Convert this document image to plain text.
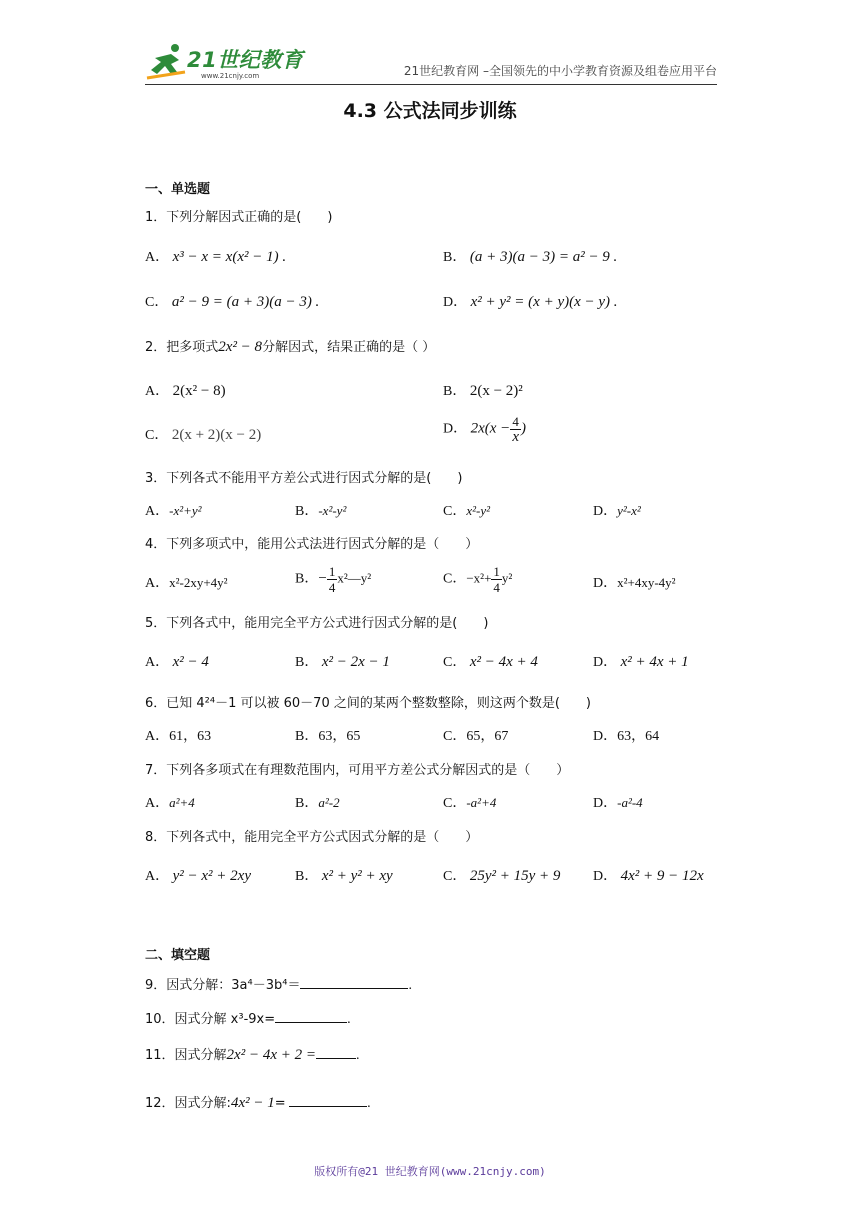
21世纪教育
www.21cnjy.com	21世纪教育网 –全国领先的中小学教育资源及组卷应用平台
4.3 公式法同步训练
一、单选题
1．下列分解因式正确的是(　　)
A． x³ − x = x(x² − 1) .	B． (a + 3)(a − 3) = a² − 9 .
C． a² − 9 = (a + 3)(a − 3) .	D． x² + y² = (x + y)(x − y) .
2．把多项式2x² − 8分解因式，结果正确的是（ ）
A． 2(x² − 8)	B． 2(x − 2)²
C． 2(x + 2)(x − 2)	D． $2x(x - \frac{4}{x}$ )
3．下列各式不能用平方差公式进行因式分解的是(　　)
A．-x²+y²	B．-x²-y²	C．x²-y²	D．y²-x²
4．下列多项式中，能用公式法进行因式分解的是（　　）
A．x²-2xy+4y²	B．− $\frac{1}{4}$ x²—y²	C．$-x^2+ \frac{1}{4} y^2$	D．x²+4xy-4y²
5．下列各式中，能用完全平方公式进行因式分解的是(　　)
A． x² − 4	B． x² − 2x − 1	C． x² − 4x + 4	D． x² + 4x + 1
6．已知 4²⁴－1 可以被 60－70 之间的某两个整数整除，则这两个数是(　　)
A．61，63	B．63，65	C．65，67	D．63，64
7．下列各多项式在有理数范围内，可用平方差公式分解因式的是（　　）
A．a²+4	B．a²-2	C．-a²+4	D．-a²-4
8．下列各式中，能用完全平方公式因式分解的是（　　）
A． y² − x² + 2xy	B． x² + y² + xy	C． 25y² + 15y + 9 D． 4x² + 9 − 12x
二、填空题
9．因式分解：3a⁴－3b⁴＝	.
10．因式分解 x³-9x=	.
11．因式分解2x² − 4x + 2 =	.
12．因式分解:4x² − 1=	.
版权所有@21 世纪教育网(www.21cnjy.com)
